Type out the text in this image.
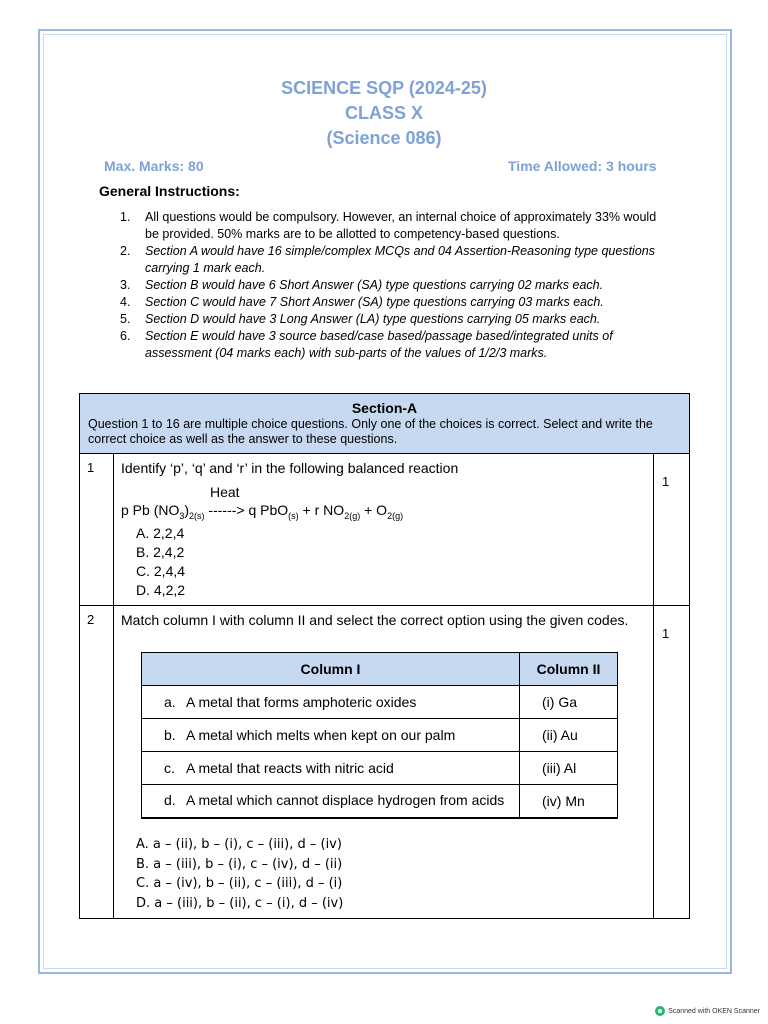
SCIENCE SQP (2024-25)
CLASS X
(Science 086)
Max. Marks: 80	Time Allowed: 3 hours
General Instructions:
1. All questions would be compulsory. However, an internal choice of approximately 33% would be provided. 50% marks are to be allotted to competency-based questions.
2. Section A would have 16 simple/complex MCQs and 04 Assertion-Reasoning type questions carrying 1 mark each.
3. Section B would have 6 Short Answer (SA) type questions carrying 02 marks each.
4. Section C would have 7 Short Answer (SA) type questions carrying 03 marks each.
5. Section D would have 3 Long Answer (LA) type questions carrying 05 marks each.
6. Section E would have 3 source based/case based/passage based/integrated units of assessment (04 marks each) with sub-parts of the values of 1/2/3 marks.
Section-A
Question 1 to 16 are multiple choice questions. Only one of the choices is correct. Select and write the correct choice as well as the answer to these questions.
1 Identify ‘p’, ‘q’ and ‘r’ in the following balanced reaction
Heat
p Pb $(NO_3)_{2(s)}$ ------> q PbO$_{(s)}$ + r $NO_{2(g)} + O_{2(g)}$
A. 2,2,4
B. 2,4,2
C. 2,4,4
D. 4,2,2
1
2 Match column I with column II and select the correct option using the given codes.
Column I	Column II
a. A metal that forms amphoteric oxides	(i) Ga
b. A metal which melts when kept on our palm	(ii) Au
c. A metal that reacts with nitric acid	(iii) Al
d. A metal which cannot displace hydrogen from acids	(iv) Mn
A. a – (ii), b – (i), c – (iii), d – (iv)
B. a – (iii), b – (i), c – (iv), d – (ii)
C. a – (iv), b – (ii), c – (iii), d – (i)
D. a – (iii), b – (ii), c – (i), d – (iv)
1
Scanned with OKEN Scanner
